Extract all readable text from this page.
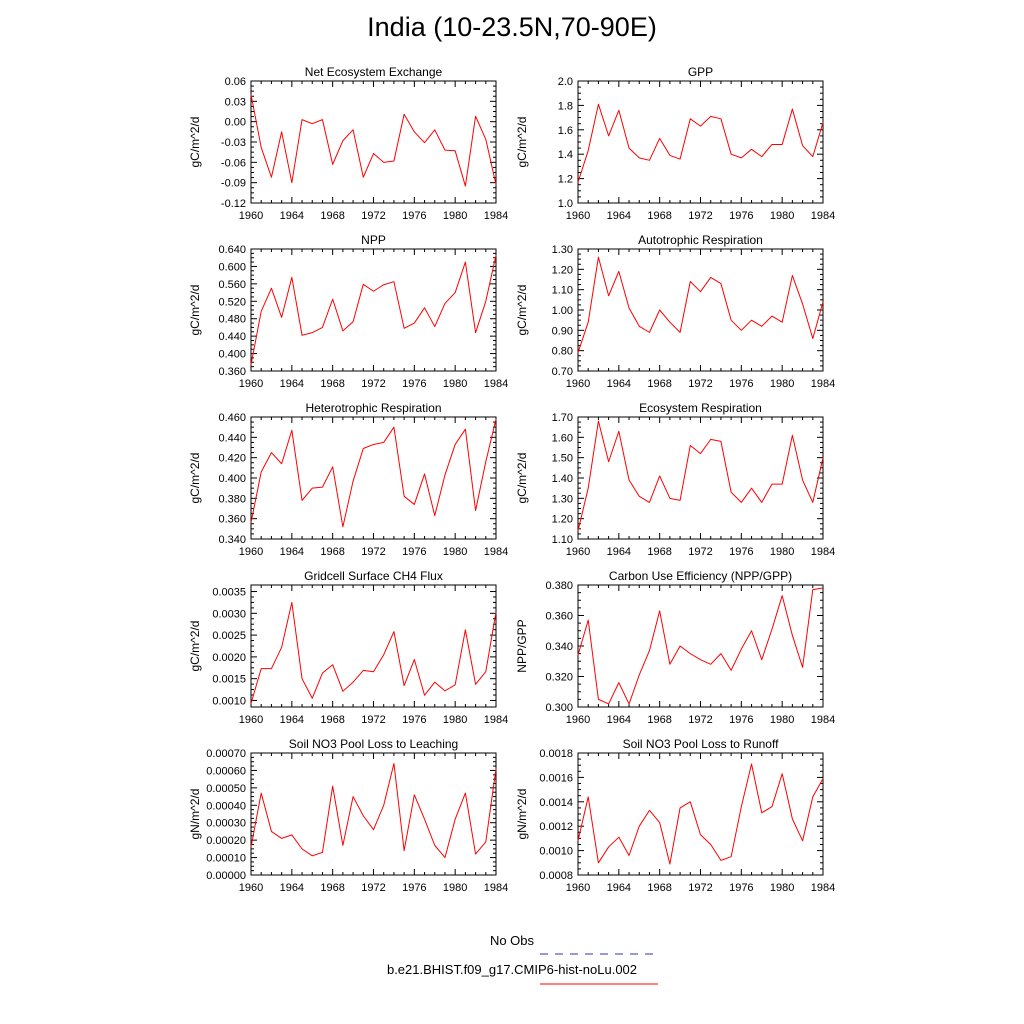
India (10-23.5N,70-90E)
Net Ecosystem Exchange
gC/m^2/d
1960 1964 1968 1972 1976 1980 1984
-0.12
-0.09
-0.06
-0.03
0.00
0.03
0.06
GPP
gC/m^2/d
1960 1964 1968 1972 1976 1980 1984
1.0
1.2
1.4
1.6
1.8
2.0
NPP
gC/m^2/d
1960 1964 1968 1972 1976 1980 1984
0.360
0.400
0.440
0.480
0.520
0.560
0.600
0.640
Autotrophic Respiration
gC/m^2/d
1960 1964 1968 1972 1976 1980 1984
0.70
0.80
0.90
1.00
1.10
1.20
1.30
Heterotrophic Respiration
gC/m^2/d
1960 1964 1968 1972 1976 1980 1984
0.340
0.360
0.380
0.400
0.420
0.440
0.460
Ecosystem Respiration
gC/m^2/d
1960 1964 1968 1972 1976 1980 1984
1.10
1.20
1.30
1.40
1.50
1.60
1.70
Gridcell Surface CH4 Flux
gC/m^2/d
1960 1964 1968 1972 1976 1980 1984
0.0010
0.0015
0.0020
0.0025
0.0030
0.0035
Carbon Use Efficiency (NPP/GPP)
NPP/GPP
1960 1964 1968 1972 1976 1980 1984
0.300
0.320
0.340
0.360
0.380
Soil NO3 Pool Loss to Leaching
gN/m^2/d
1960 1964 1968 1972 1976 1980 1984
0.00000
0.00010
0.00020
0.00030
0.00040
0.00050
0.00060
0.00070
Soil NO3 Pool Loss to Runoff
gN/m^2/d
1960 1964 1968 1972 1976 1980 1984
0.0008
0.0010
0.0012
0.0014
0.0016
0.0018
No Obs
b.e21.BHIST.f09_g17.CMIP6-hist-noLu.002
